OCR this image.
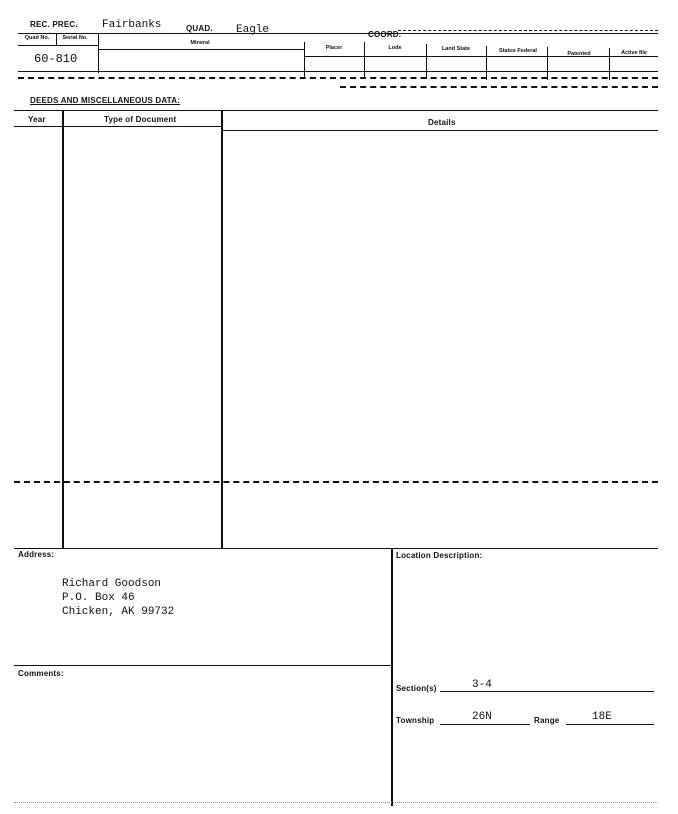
REC. PREC. Fairbanks	QUAD. Eagle	COORD.
Quad No.	Serial No.
Mineral
Placer	Lode	Land State	Status Federal	Patented	Active file
60-810
DEEDS AND MISCELLANEOUS DATA:
Year	Type of Document	Details
Address:
Richard Goodson
P.O. Box 46
Chicken, AK 99732
Location Description:
Comments:
Section(s)	3-4
Township	26N	Range	18E
